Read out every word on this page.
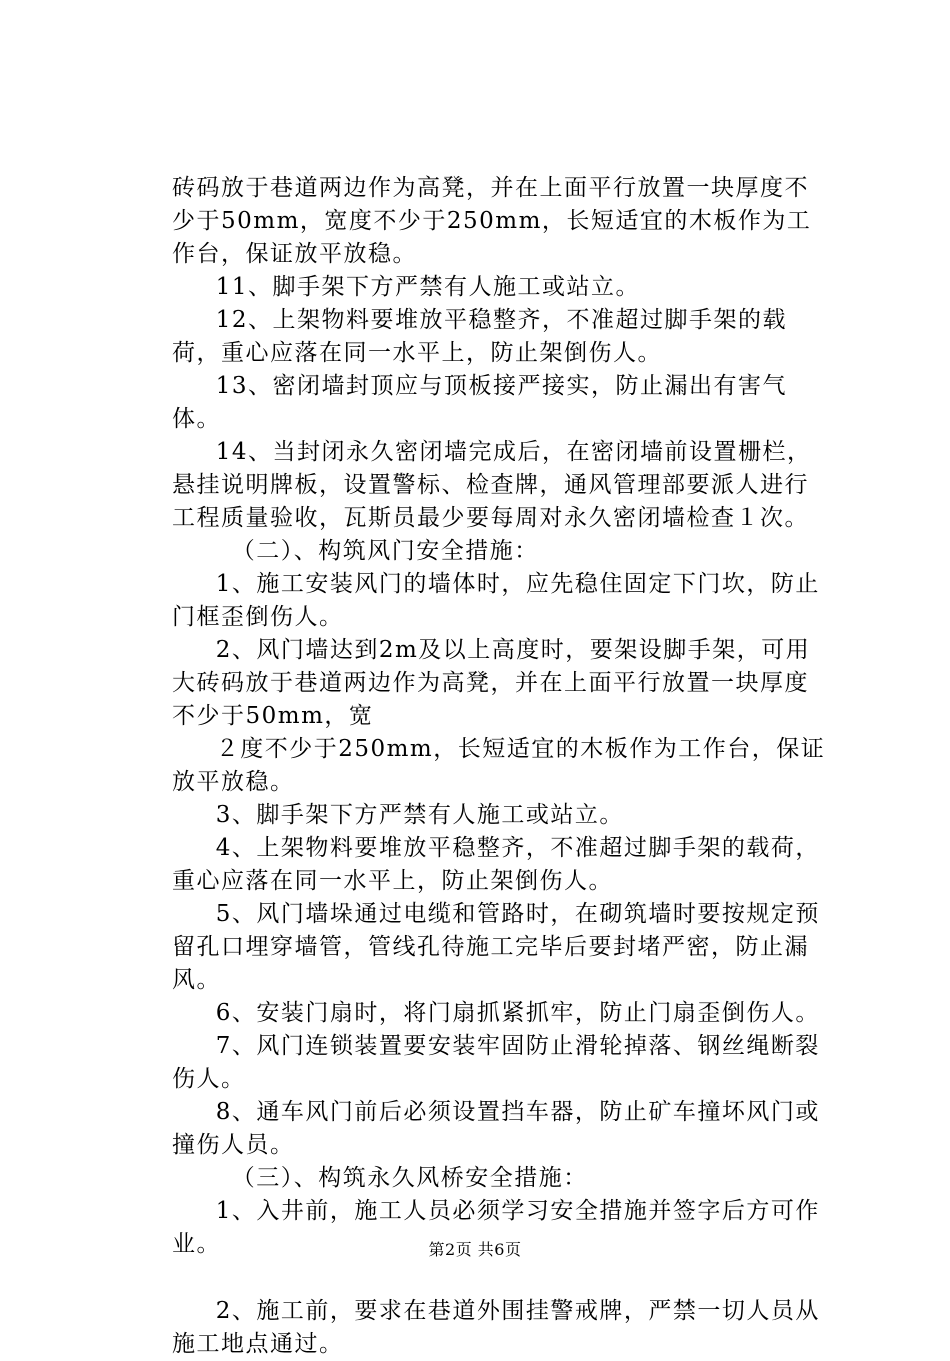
砖码放于巷道两边作为高凳，并在上面平行放置一块厚度不少于50mm，宽度不少于250mm，长短适宜的木板作为工作台，保证放平放稳。

11、脚手架下方严禁有人施工或站立。

12、上架物料要堆放平稳整齐，不准超过脚手架的载荷，重心应落在同一水平上，防止架倒伤人。

13、密闭墙封顶应与顶板接严接实，防止漏出有害气体。

14、当封闭永久密闭墙完成后，在密闭墙前设置栅栏，悬挂说明牌板，设置警标、检查牌，通风管理部要派人进行工程质量验收，瓦斯员最少要每周对永久密闭墙检查１次。

（二）、构筑风门安全措施：

1、施工安装风门的墙体时，应先稳住固定下门坎，防止门框歪倒伤人。

2、风门墙达到2m及以上高度时，要架设脚手架，可用大砖码放于巷道两边作为高凳，并在上面平行放置一块厚度不少于50mm，宽

２度不少于250mm，长短适宜的木板作为工作台，保证放平放稳。

3、脚手架下方严禁有人施工或站立。

4、上架物料要堆放平稳整齐，不准超过脚手架的载荷，重心应落在同一水平上，防止架倒伤人。

5、风门墙垛通过电缆和管路时，在砌筑墙时要按规定预留孔口埋穿墙管，管线孔待施工完毕后要封堵严密，防止漏风。

6、安装门扇时，将门扇抓紧抓牢，防止门扇歪倒伤人。

7、风门连锁装置要安装牢固防止滑轮掉落、钢丝绳断裂伤人。

8、通车风门前后必须设置挡车器，防止矿车撞坏风门或撞伤人员。

（三）、构筑永久风桥安全措施：

1、入井前，施工人员必须学习安全措施并签字后方可作业。

2、施工前，要求在巷道外围挂警戒牌，严禁一切人员从施工地点通过。

第2页 共6页
